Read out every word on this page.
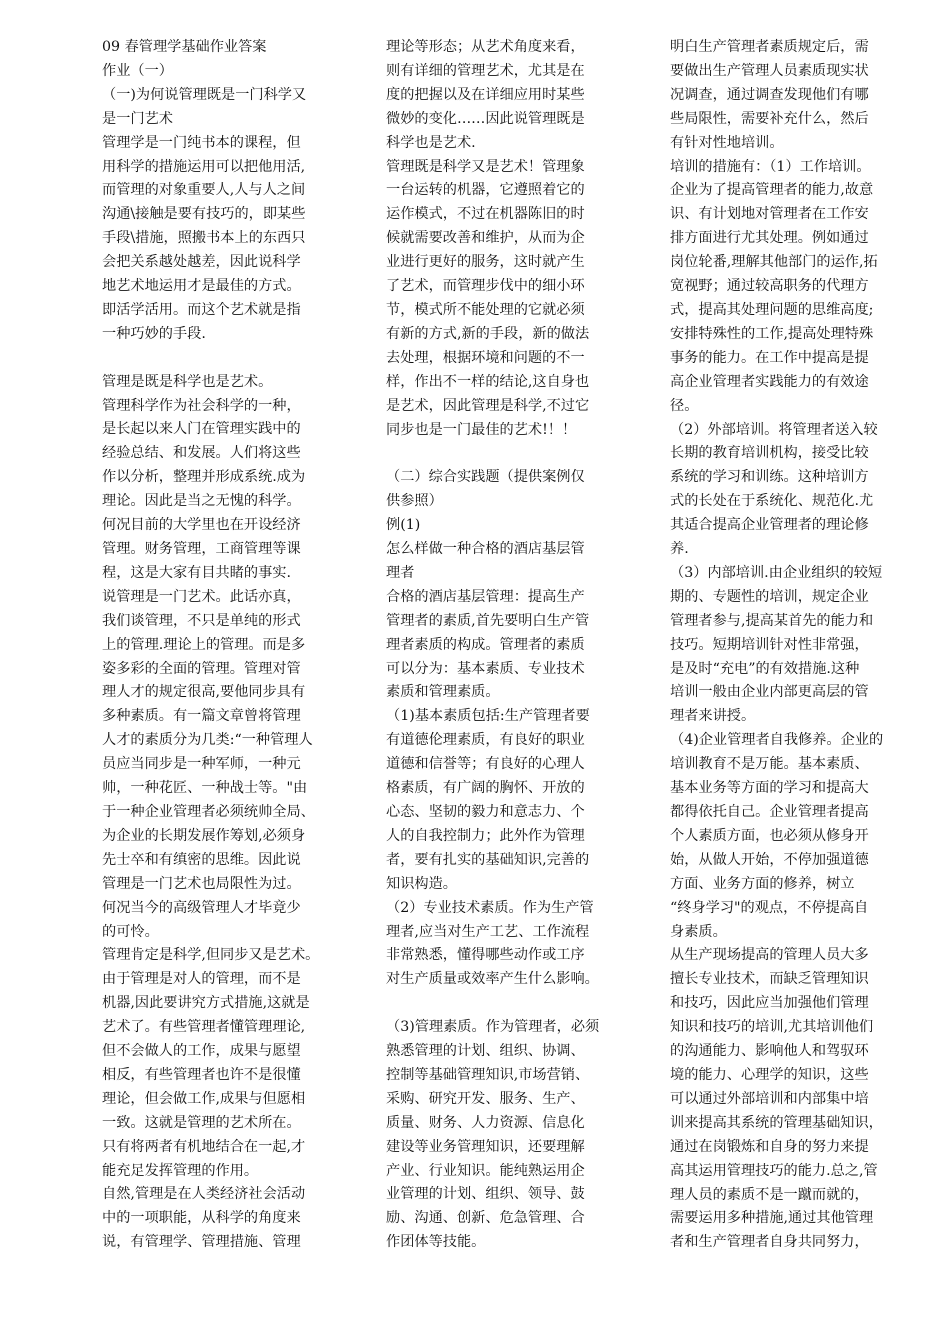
09 春管理学基础作业答案
作业（一）
（一)为何说管理既是一门科学又
是一门艺术
管理学是一门纯书本的课程，但
用科学的措施运用可以把他用活,
而管理的对象重要人,人与人之间
沟通\接触是要有技巧的，即某些
手段\措施，照搬书本上的东西只
会把关系越处越差，因此说科学
地艺术地运用才是最佳的方式。
即活学活用。而这个艺术就是指
一种巧妙的手段.
管理是既是科学也是艺术。
管理科学作为社会科学的一种，
是长起以来人门在管理实践中的
经验总结、和发展。人们将这些
作以分析，整理并形成系统.成为
理论。因此是当之无愧的科学。
何况目前的大学里也在开设经济
管理。财务管理，工商管理等课
程，这是大家有目共睹的事实.
说管理是一门艺术。此话亦真，
我们谈管理，不只是单纯的形式
上的管理.理论上的管理。而是多
姿多彩的全面的管理。管理对管
理人才的规定很高,要他同步具有
多种素质。有一篇文章曾将管理
人才的素质分为几类:“一种管理人
员应当同步是一种军师，一种元
帅，一种花匠、一种战士等。"由
于一种企业管理者必须统帅全局、
为企业的长期发展作筹划,必须身
先士卒和有缜密的思维。因此说
管理是一门艺术也局限性为过。
何况当今的高级管理人才毕竟少
的可怜。
管理肯定是科学,但同步又是艺术。
由于管理是对人的管理，而不是
机器,因此要讲究方式措施,这就是
艺术了。有些管理者懂管理理论,
但不会做人的工作，成果与愿望
相反，有些管理者也许不是很懂
理论，但会做工作,成果与但愿相
一致。这就是管理的艺术所在。
只有将两者有机地结合在一起,才
能充足发挥管理的作用。
自然,管理是在人类经济社会活动
中的一项职能，从科学的角度来
说，有管理学、管理措施、管理
理论等形态；从艺术角度来看，
则有详细的管理艺术，尤其是在
度的把握以及在详细应用时某些
微妙的变化……因此说管理既是
科学也是艺术.
管理既是科学又是艺术！管理象
一台运转的机器，它遵照着它的
运作模式，不过在机器陈旧的时
候就需要改善和维护，从而为企
业进行更好的服务，这时就产生
了艺术，而管理步伐中的细小环
节，模式所不能处理的它就必须
有新的方式,新的手段，新的做法
去处理，根据环境和问题的不一
样，作出不一样的结论,这自身也
是艺术，因此管理是科学,不过它
同步也是一门最佳的艺术!！！
（二）综合实践题（提供案例仅
供参照）
例(1)
怎么样做一种合格的酒店基层管
理者
合格的酒店基层管理：提高生产
管理者的素质,首先要明白生产管
理者素质的构成。管理者的素质
可以分为：基本素质、专业技术
素质和管理素质。
（1)基本素质包括:生产管理者要
有道德伦理素质，有良好的职业
道德和信誉等；有良好的心理人
格素质，有广阔的胸怀、开放的
心态、坚韧的毅力和意志力、个
人的自我控制力；此外作为管理
者，要有扎实的基础知识,完善的
知识构造。
（2）专业技术素质。作为生产管
理者,应当对生产工艺、工作流程
非常熟悉，懂得哪些动作或工序
对生产质量或效率产生什么影响。
（3)管理素质。作为管理者，必须
熟悉管理的计划、组织、协调、
控制等基础管理知识,市场营销、
采购、研究开发、服务、生产、
质量、财务、人力资源、信息化
建设等业务管理知识，还要理解
产业、行业知识。能纯熟运用企
业管理的计划、组织、领导、鼓
励、沟通、创新、危急管理、合
作团体等技能。
明白生产管理者素质规定后，需
要做出生产管理人员素质现实状
况调查，通过调查发现他们有哪
些局限性，需要补充什么，然后
有针对性地培训。
培训的措施有：（1）工作培训。
企业为了提高管理者的能力,故意
识、有计划地对管理者在工作安
排方面进行尤其处理。例如通过
岗位轮番,理解其他部门的运作,拓
宽视野；通过较高职务的代理方
式，提高其处理问题的思维高度;
安排特殊性的工作,提高处理特殊
事务的能力。在工作中提高是提
高企业管理者实践能力的有效途
径。
（2）外部培训。将管理者送入较
长期的教育培训机构，接受比较
系统的学习和训练。这种培训方
式的长处在于系统化、规范化.尤
其适合提高企业管理者的理论修
养.
（3）内部培训.由企业组织的较短
期的、专题性的培训，规定企业
管理者参与,提高某首先的能力和
技巧。短期培训针对性非常强，
是及时“充电”的有效措施.这种
培训一般由企业内部更高层的管
理者来讲授。
（4)企业管理者自我修养。企业的
培训教育不是万能。基本素质、
基本业务等方面的学习和提高大
都得依托自己。企业管理者提高
个人素质方面，也必须从修身开
始，从做人开始，不停加强道德
方面、业务方面的修养，树立
“终身学习"的观点，不停提高自
身素质。
从生产现场提高的管理人员大多
擅长专业技术，而缺乏管理知识
和技巧，因此应当加强他们管理
知识和技巧的培训,尤其培训他们
的沟通能力、影响他人和驾驭环
境的能力、心理学的知识，这些
可以通过外部培训和内部集中培
训来提高其系统的管理基础知识，
通过在岗锻炼和自身的努力来提
高其运用管理技巧的能力.总之,管
理人员的素质不是一蹴而就的，
需要运用多种措施,通过其他管理
者和生产管理者自身共同努力，
